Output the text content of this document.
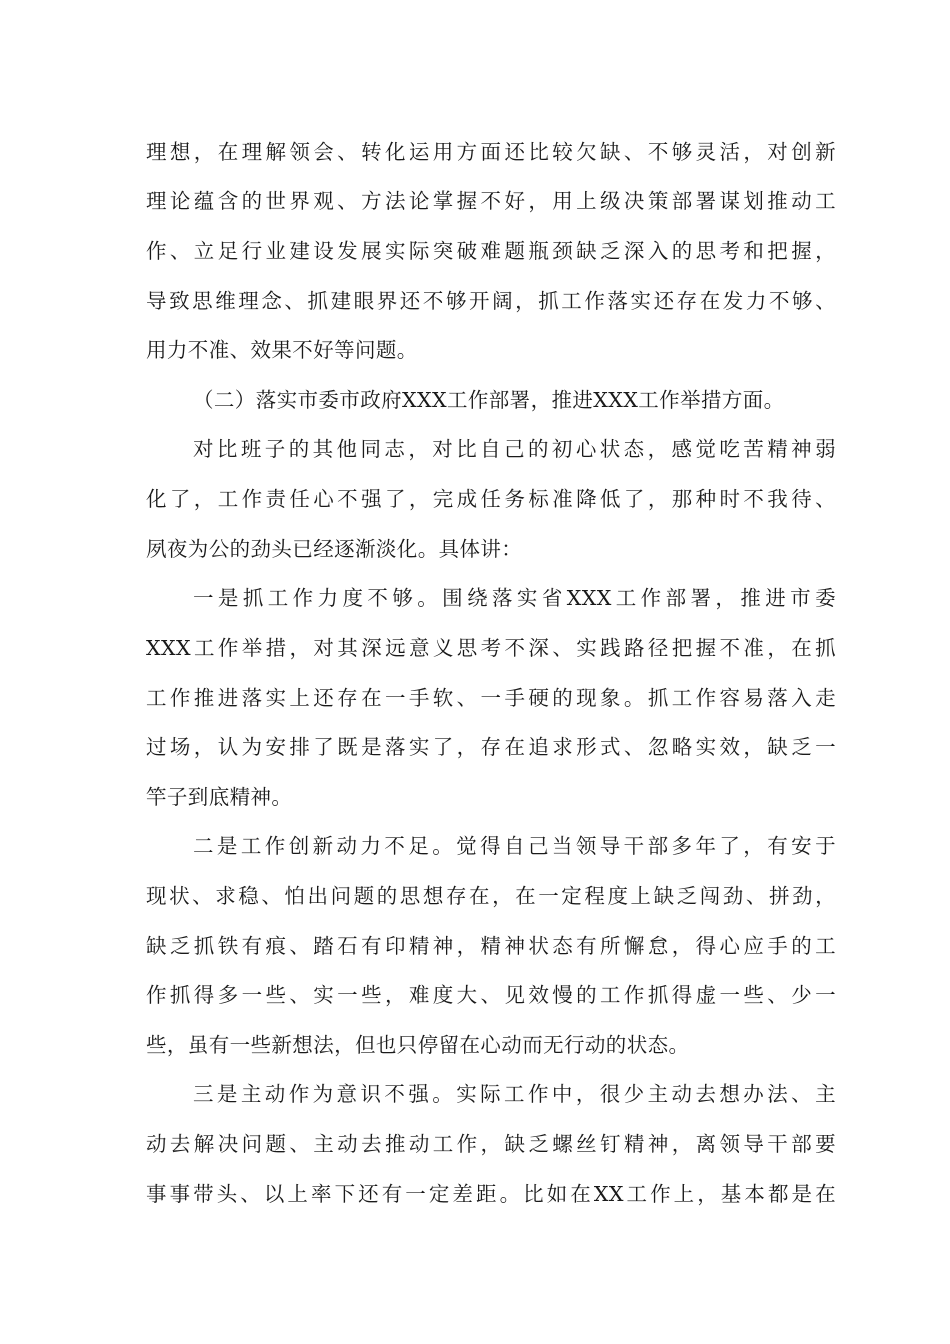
理想，在理解领会、转化运用方面还比较欠缺、不够灵活，对创新
理论蕴含的世界观、方法论掌握不好，用上级决策部署谋划推动工
作、立足行业建设发展实际突破难题瓶颈缺乏深入的思考和把握，
导致思维理念、抓建眼界还不够开阔，抓工作落实还存在发力不够、
用力不准、效果不好等问题。
（二）落实市委市政府XXX工作部署，推进XXX工作举措方面。
对比班子的其他同志，对比自己的初心状态，感觉吃苦精神弱
化了，工作责任心不强了，完成任务标准降低了，那种时不我待、
夙夜为公的劲头已经逐渐淡化。具体讲：
一是抓工作力度不够。围绕落实省XXX工作部署，推进市委
XXX工作举措，对其深远意义思考不深、实践路径把握不准，在抓
工作推进落实上还存在一手软、一手硬的现象。抓工作容易落入走
过场，认为安排了既是落实了，存在追求形式、忽略实效，缺乏一
竿子到底精神。
二是工作创新动力不足。觉得自己当领导干部多年了，有安于
现状、求稳、怕出问题的思想存在，在一定程度上缺乏闯劲、拼劲，
缺乏抓铁有痕、踏石有印精神，精神状态有所懈怠，得心应手的工
作抓得多一些、实一些，难度大、见效慢的工作抓得虚一些、少一
些，虽有一些新想法，但也只停留在心动而无行动的状态。
三是主动作为意识不强。实际工作中，很少主动去想办法、主
动去解决问题、主动去推动工作，缺乏螺丝钉精神，离领导干部要
事事带头、以上率下还有一定差距。比如在XX工作上，基本都是在
